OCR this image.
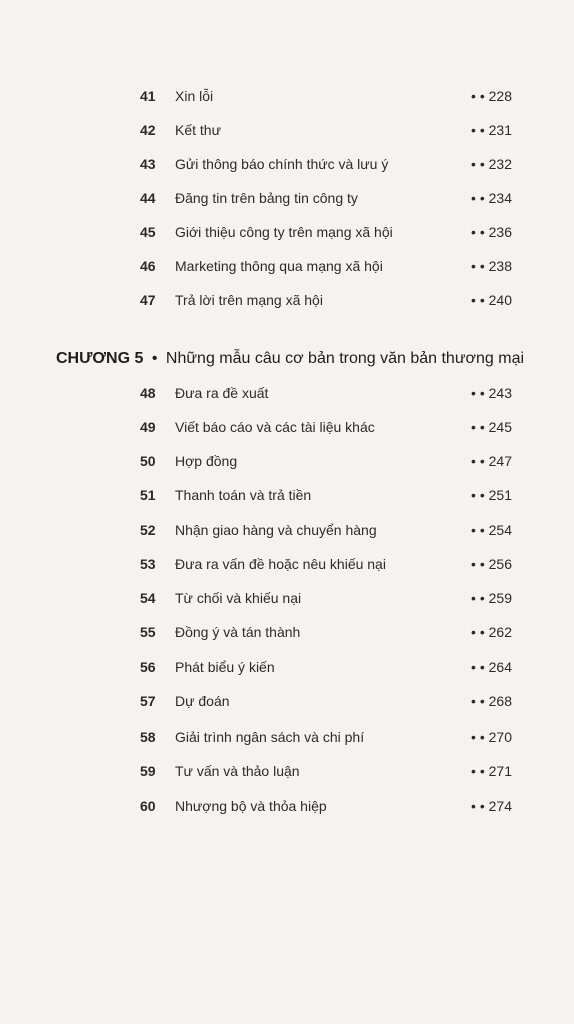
41	Xin lỗi	• • 228
42	Kết thư	• • 231
43	Gửi thông báo chính thức và lưu ý	• • 232
44	Đăng tin trên bảng tin công ty	• • 234
45	Giới thiệu công ty trên mạng xã hội	• • 236
46	Marketing thông qua mạng xã hội	• • 238
47	Trả lời trên mạng xã hội	• • 240
CHƯƠNG 5 • Những mẫu câu cơ bản trong văn bản thương mại
48	Đưa ra đề xuất	• • 243
49	Viết báo cáo và các tài liệu khác	• • 245
50	Hợp đồng	• • 247
51	Thanh toán và trả tiền	• • 251
52	Nhận giao hàng và chuyển hàng	• • 254
53	Đưa ra vấn đề hoặc nêu khiếu nại	• • 256
54	Từ chối và khiếu nại	• • 259
55	Đồng ý và tán thành	• • 262
56	Phát biểu ý kiến	• • 264
57	Dự đoán	• • 268
58	Giải trình ngân sách và chi phí	• • 270
59	Tư vấn và thảo luận	• • 271
60	Nhượng bộ và thỏa hiệp	• • 274
